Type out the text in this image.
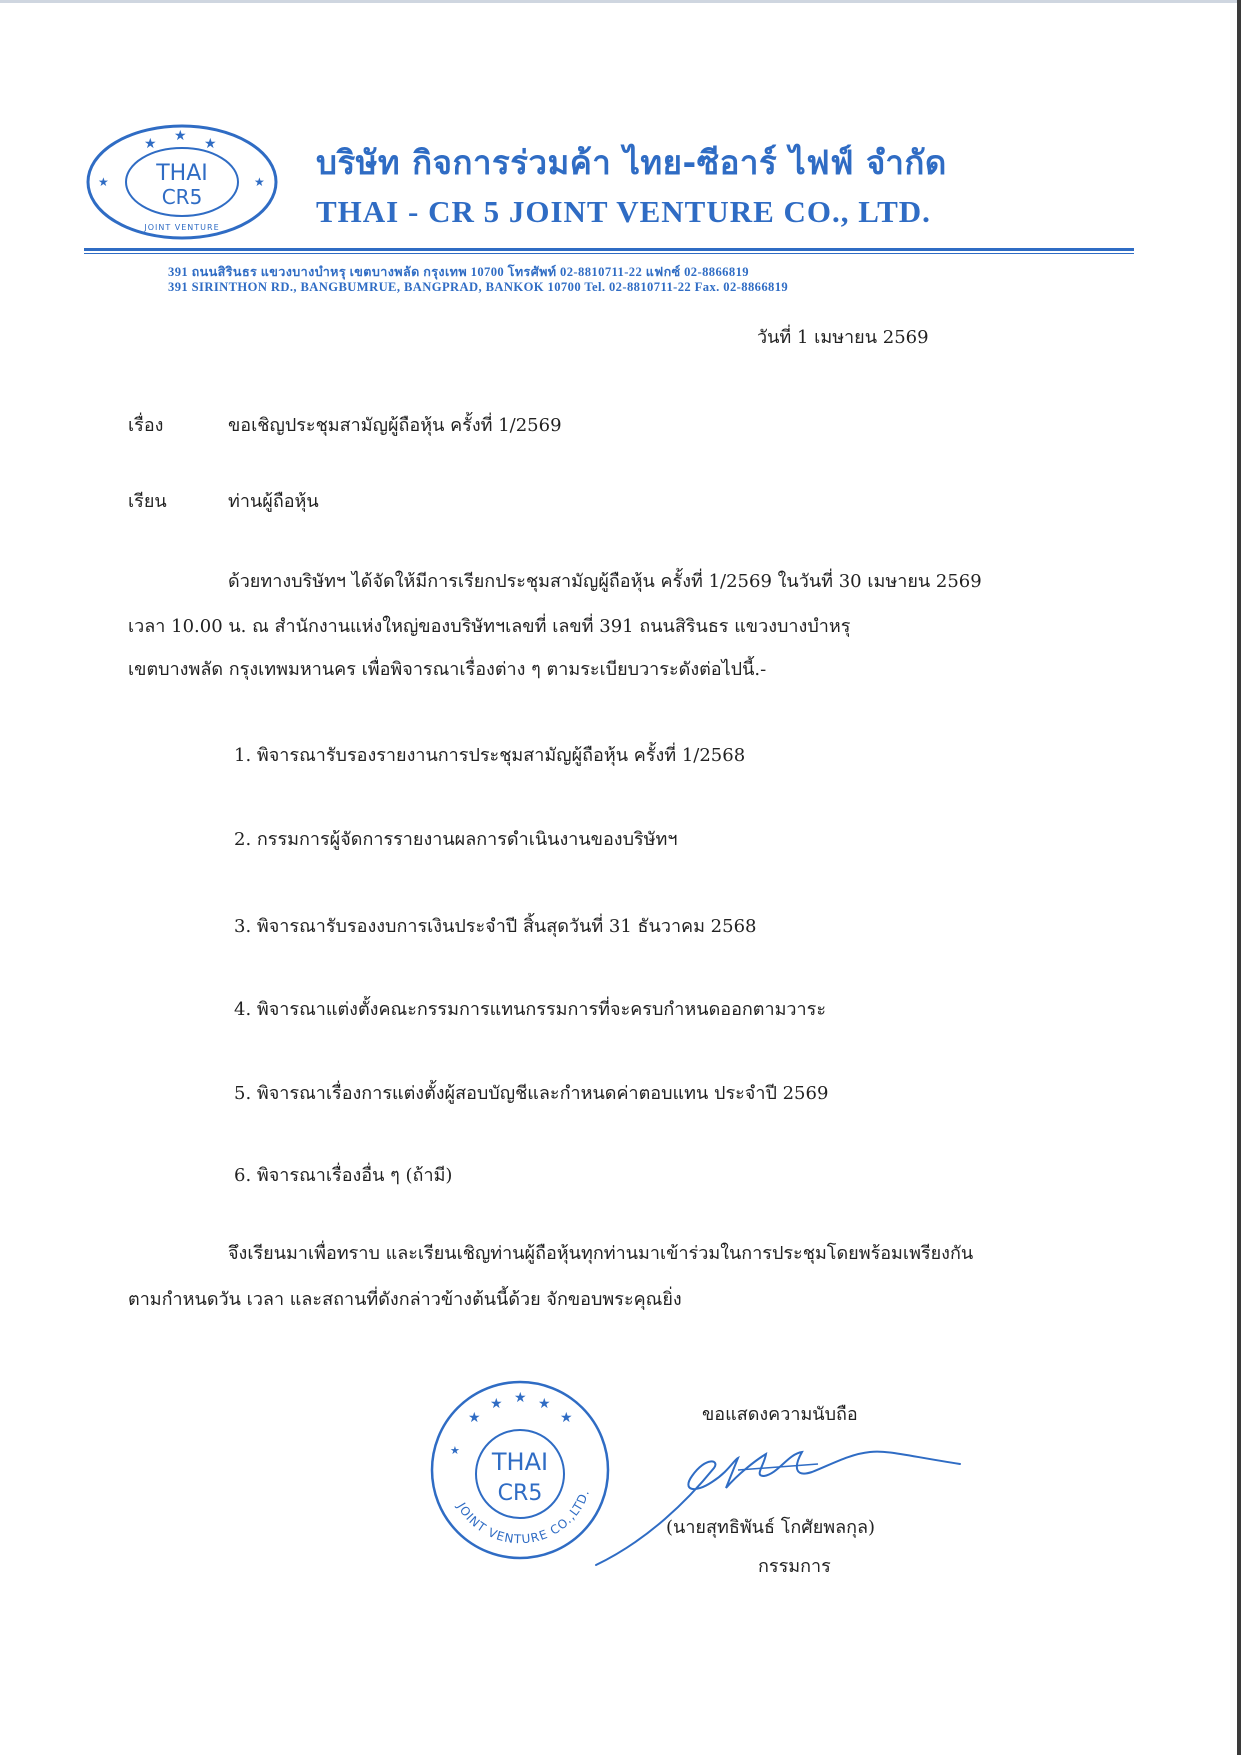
THAI
CR5
★ ★ ★
★	★
JOINT VENTURE
บริษัท กิจการร่วมค้า ไทย-ซีอาร์ ไฟฟ์ จำกัด
THAI - CR 5 JOINT VENTURE CO., LTD.
391 ถนนสิรินธร แขวงบางบำหรุ เขตบางพลัด กรุงเทพ 10700 โทรศัพท์ 02-8810711-22 แฟกซ์ 02-8866819
391 SIRINTHON RD., BANGBUMRUE, BANGPRAD, BANKOK 10700 Tel. 02-8810711-22 Fax. 02-8866819
วันที่ 1 เมษายน 2569
เรื่อง	ขอเชิญประชุมสามัญผู้ถือหุ้น ครั้งที่ 1/2569
เรียน	ท่านผู้ถือหุ้น
ด้วยทางบริษัทฯ ได้จัดให้มีการเรียกประชุมสามัญผู้ถือหุ้น ครั้งที่ 1/2569 ในวันที่ 30 เมษายน 2569
เวลา 10.00 น. ณ สำนักงานแห่งใหญ่ของบริษัทฯเลขที่ เลขที่ 391 ถนนสิรินธร แขวงบางบำหรุ
เขตบางพลัด กรุงเทพมหานคร เพื่อพิจารณาเรื่องต่าง ๆ ตามระเบียบวาระดังต่อไปนี้.-
1. พิจารณารับรองรายงานการประชุมสามัญผู้ถือหุ้น ครั้งที่ 1/2568
2. กรรมการผู้จัดการรายงานผลการดำเนินงานของบริษัทฯ
3. พิจารณารับรองงบการเงินประจำปี สิ้นสุดวันที่ 31 ธันวาคม 2568
4. พิจารณาแต่งตั้งคณะกรรมการแทนกรรมการที่จะครบกำหนดออกตามวาระ
5. พิจารณาเรื่องการแต่งตั้งผู้สอบบัญชีและกำหนดค่าตอบแทน ประจำปี 2569
6. พิจารณาเรื่องอื่น ๆ (ถ้ามี)
จึงเรียนมาเพื่อทราบ และเรียนเชิญท่านผู้ถือหุ้นทุกท่านมาเข้าร่วมในการประชุมโดยพร้อมเพรียงกัน
ตามกำหนดวัน เวลา และสถานที่ดังกล่าวข้างต้นนี้ด้วย จักขอบพระคุณยิ่ง
THAI
CR5
★
★ ★ ★
★
★
JOINT VENTURE CO.,LTD.
ขอแสดงความนับถือ
(นายสุทธิพันธ์ โกศัยพลกุล)
กรรมการ
